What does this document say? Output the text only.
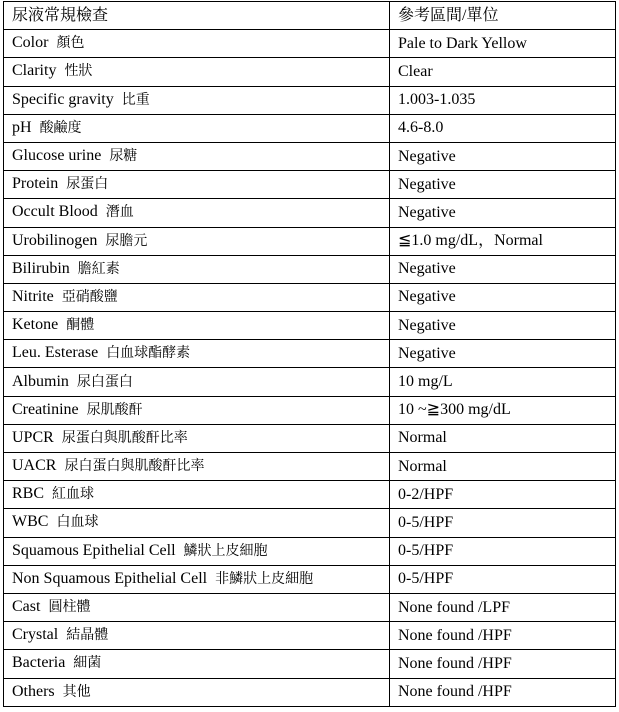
尿液常規檢查	參考區間/單位
Color 顏色	Pale to Dark Yellow
Clarity 性狀	Clear
Specific gravity 比重	1.003-1.035
pH 酸鹼度	4.6-8.0
Glucose urine 尿糖	Negative
Protein 尿蛋白	Negative
Occult Blood 潛血	Negative
Urobilinogen 尿膽元	≦1.0 mg/dL，Normal
Bilirubin 膽紅素	Negative
Nitrite 亞硝酸鹽	Negative
Ketone 酮體	Negative
Leu. Esterase 白血球酯酵素	Negative
Albumin 尿白蛋白	10 mg/L
Creatinine 尿肌酸酐	10 ~≧300 mg/dL
UPCR 尿蛋白與肌酸酐比率	Normal
UACR 尿白蛋白與肌酸酐比率	Normal
RBC 紅血球	0-2/HPF
WBC 白血球	0-5/HPF
Squamous Epithelial Cell 鱗狀上皮細胞	0-5/HPF
Non Squamous Epithelial Cell 非鱗狀上皮細胞	0-5/HPF
Cast 圓柱體	None found /LPF
Crystal 結晶體	None found /HPF
Bacteria 細菌	None found /HPF
Others 其他	None found /HPF
